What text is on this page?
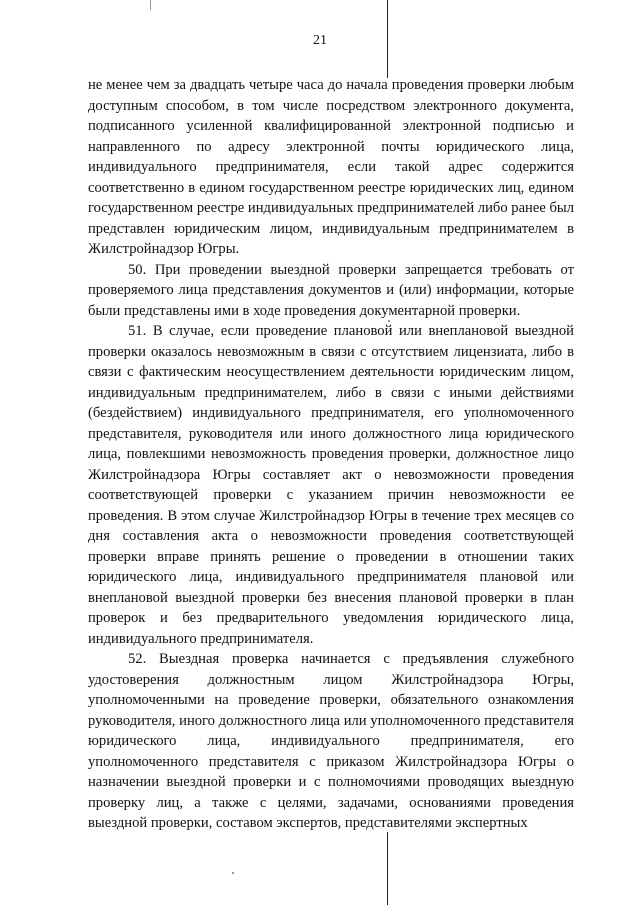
21

не менее чем за двадцать четыре часа до начала проведения проверки любым доступным способом, в том числе посредством электронного документа, подписанного усиленной квалифицированной электронной подписью и направленного по адресу электронной почты юридического лица, индивидуального предпринимателя, если такой адрес содержится соответственно в едином государственном реестре юридических лиц, едином государственном реестре индивидуальных предпринимателей либо ранее был представлен юридическим лицом, индивидуальным предпринимателем в Жилстройнадзор Югры.

50. При проведении выездной проверки запрещается требовать от проверяемого лица представления документов и (или) информации, которые были представлены ими в ходе проведения документарной проверки.

51. В случае, если проведение плановой или внеплановой выездной проверки оказалось невозможным в связи с отсутствием лицензиата, либо в связи с фактическим неосуществлением деятельности юридическим лицом, индивидуальным предпринимателем, либо в связи с иными действиями (бездействием) индивидуального предпринимателя, его уполномоченного представителя, руководителя или иного должностного лица юридического лица, повлекшими невозможность проведения проверки, должностное лицо Жилстройнадзора Югры составляет акт о невозможности проведения соответствующей проверки с указанием причин невозможности ее проведения. В этом случае Жилстройнадзор Югры в течение трех месяцев со дня составления акта о невозможности проведения соответствующей проверки вправе принять решение о проведении в отношении таких юридического лица, индивидуального предпринимателя плановой или внеплановой выездной проверки без внесения плановой проверки в план проверок и без предварительного уведомления юридического лица, индивидуального предпринимателя.

52. Выездная проверка начинается с предъявления служебного удостоверения должностным лицом Жилстройнадзора Югры, уполномоченными на проведение проверки, обязательного ознакомления руководителя, иного должностного лица или уполномоченного представителя юридического лица, индивидуального предпринимателя, его уполномоченного представителя с приказом Жилстройнадзора Югры о назначении выездной проверки и с полномочиями проводящих выездную проверку лиц, а также с целями, задачами, основаниями проведения выездной проверки, составом экспертов, представителями экспертных
